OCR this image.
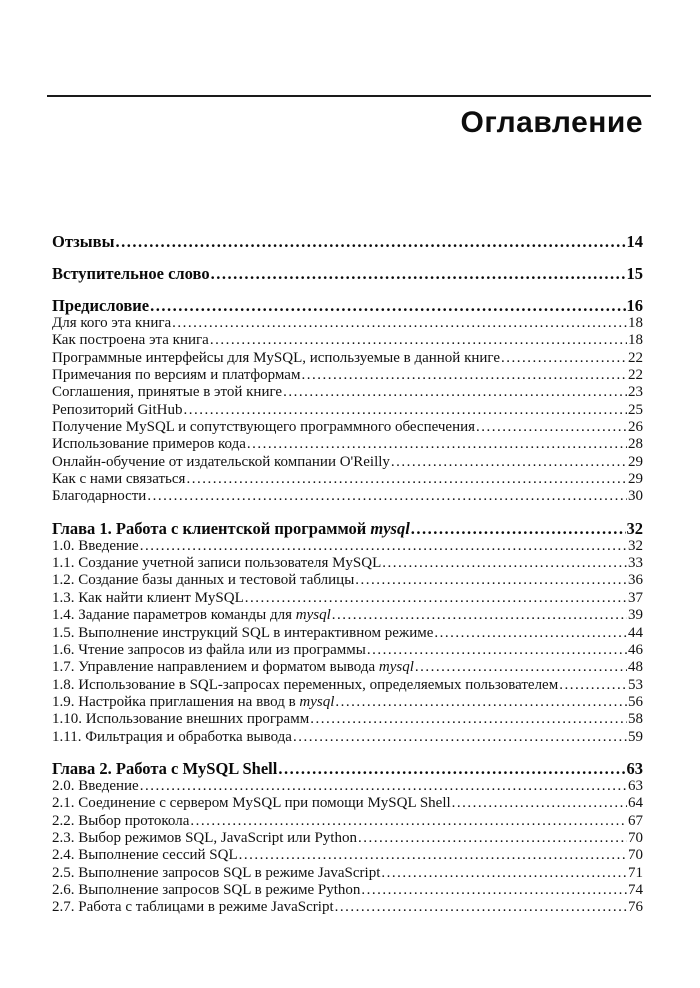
Оглавление
Отзывы .....	14
Вступительное слово .....	15
Предисловие .....	16
Для кого эта книга .....	18
Как построена эта книга .....	18
Программные интерфейсы для MySQL, используемые в данной книге .....	22
Примечания по версиям и платформам .....	22
Соглашения, принятые в этой книге .....	23
Репозиторий GitHub .....	25
Получение MySQL и сопутствующего программного обеспечения .....	26
Использование примеров кода .....	28
Онлайн-обучение от издательской компании O'Reilly .....	29
Как с нами связаться .....	29
Благодарности .....	30
Глава 1. Работа с клиентской программой mysql .....	32
1.0. Введение .....	32
1.1. Создание учетной записи пользователя MySQL .....	33
1.2. Создание базы данных и тестовой таблицы .....	36
1.3. Как найти клиент MySQL .....	37
1.4. Задание параметров команды для mysql .....	39
1.5. Выполнение инструкций SQL в интерактивном режиме .....	44
1.6. Чтение запросов из файла или из программы .....	46
1.7. Управление направлением и форматом вывода mysql .....	48
1.8. Использование в SQL-запросах переменных, определяемых пользователем .....	53
1.9. Настройка приглашения на ввод в mysql .....	56
1.10. Использование внешних программ .....	58
1.11. Фильтрация и обработка вывода .....	59
Глава 2. Работа с MySQL Shell .....	63
2.0. Введение .....	63
2.1. Соединение с сервером MySQL при помощи MySQL Shell .....	64
2.2. Выбор протокола .....	67
2.3. Выбор режимов SQL, JavaScript или Python .....	70
2.4. Выполнение сессий SQL .....	70
2.5. Выполнение запросов SQL в режиме JavaScript .....	71
2.6. Выполнение запросов SQL в режиме Python .....	74
2.7. Работа с таблицами в режиме JavaScript .....	76
